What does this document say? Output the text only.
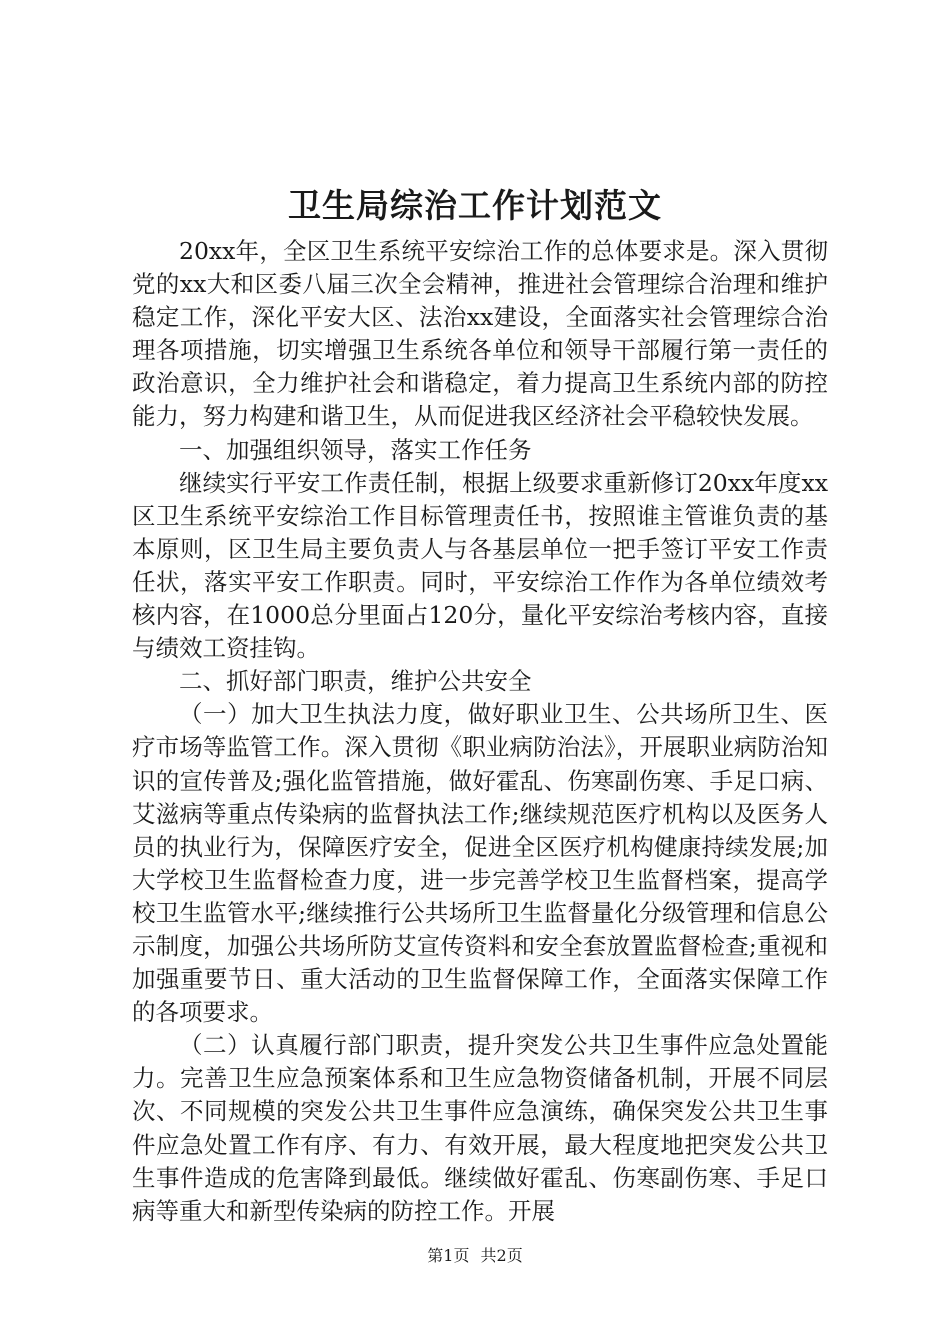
卫生局综治工作计划范文

20xx年，全区卫生系统平安综治工作的总体要求是。深入贯彻党的xx大和区委八届三次全会精神，推进社会管理综合治理和维护稳定工作，深化平安大区、法治xx建设，全面落实社会管理综合治理各项措施，切实增强卫生系统各单位和领导干部履行第一责任的政治意识，全力维护社会和谐稳定，着力提高卫生系统内部的防控能力，努力构建和谐卫生，从而促进我区经济社会平稳较快发展。

一、加强组织领导，落实工作任务

继续实行平安工作责任制，根据上级要求重新修订20xx年度xx区卫生系统平安综治工作目标管理责任书，按照谁主管谁负责的基本原则，区卫生局主要负责人与各基层单位一把手签订平安工作责任状，落实平安工作职责。同时，平安综治工作作为各单位绩效考核内容，在1000总分里面占120分，量化平安综治考核内容，直接与绩效工资挂钩。

二、抓好部门职责，维护公共安全

（一）加大卫生执法力度，做好职业卫生、公共场所卫生、医疗市场等监管工作。深入贯彻《职业病防治法》，开展职业病防治知识的宣传普及;强化监管措施，做好霍乱、伤寒副伤寒、手足口病、艾滋病等重点传染病的监督执法工作;继续规范医疗机构以及医务人员的执业行为，保障医疗安全，促进全区医疗机构健康持续发展;加大学校卫生监督检查力度，进一步完善学校卫生监督档案，提高学校卫生监管水平;继续推行公共场所卫生监督量化分级管理和信息公示制度，加强公共场所防艾宣传资料和安全套放置监督检查;重视和加强重要节日、重大活动的卫生监督保障工作，全面落实保障工作的各项要求。

（二）认真履行部门职责，提升突发公共卫生事件应急处置能力。完善卫生应急预案体系和卫生应急物资储备机制，开展不同层次、不同规模的突发公共卫生事件应急演练，确保突发公共卫生事件应急处置工作有序、有力、有效开展，最大程度地把突发公共卫生事件造成的危害降到最低。继续做好霍乱、伤寒副伤寒、手足口病等重大和新型传染病的防控工作。开展

第1页 共2页
